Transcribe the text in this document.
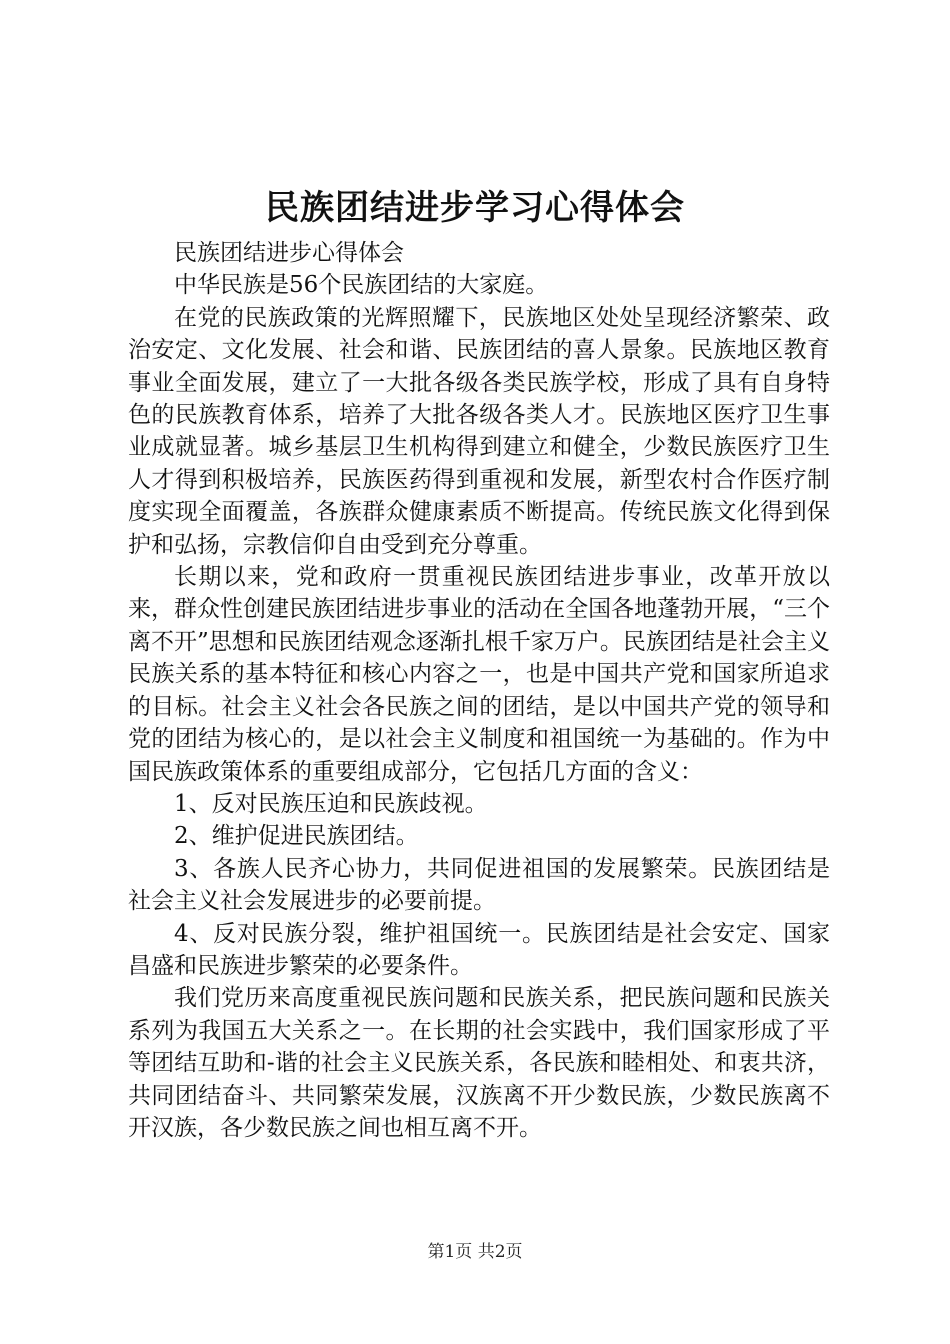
民族团结进步学习心得体会

民族团结进步心得体会

中华民族是56个民族团结的大家庭。

在党的民族政策的光辉照耀下，民族地区处处呈现经济繁荣、政治安定、文化发展、社会和谐、民族团结的喜人景象。民族地区教育事业全面发展，建立了一大批各级各类民族学校，形成了具有自身特色的民族教育体系，培养了大批各级各类人才。民族地区医疗卫生事业成就显著。城乡基层卫生机构得到建立和健全，少数民族医疗卫生人才得到积极培养，民族医药得到重视和发展，新型农村合作医疗制度实现全面覆盖，各族群众健康素质不断提高。传统民族文化得到保护和弘扬，宗教信仰自由受到充分尊重。

长期以来，党和政府一贯重视民族团结进步事业，改革开放以来，群众性创建民族团结进步事业的活动在全国各地蓬勃开展，“三个离不开”思想和民族团结观念逐渐扎根千家万户。民族团结是社会主义民族关系的基本特征和核心内容之一，也是中国共产党和国家所追求的目标。社会主义社会各民族之间的团结，是以中国共产党的领导和党的团结为核心的，是以社会主义制度和祖国统一为基础的。作为中国民族政策体系的重要组成部分，它包括几方面的含义：

1、反对民族压迫和民族歧视。

2、维护促进民族团结。

3、各族人民齐心协力，共同促进祖国的发展繁荣。民族团结是社会主义社会发展进步的必要前提。

4、反对民族分裂，维护祖国统一。民族团结是社会安定、国家昌盛和民族进步繁荣的必要条件。

我们党历来高度重视民族问题和民族关系，把民族问题和民族关系列为我国五大关系之一。在长期的社会实践中，我们国家形成了平等团结互助和-谐的社会主义民族关系，各民族和睦相处、和衷共济，共同团结奋斗、共同繁荣发展，汉族离不开少数民族，少数民族离不开汉族，各少数民族之间也相互离不开。

第1页 共2页
